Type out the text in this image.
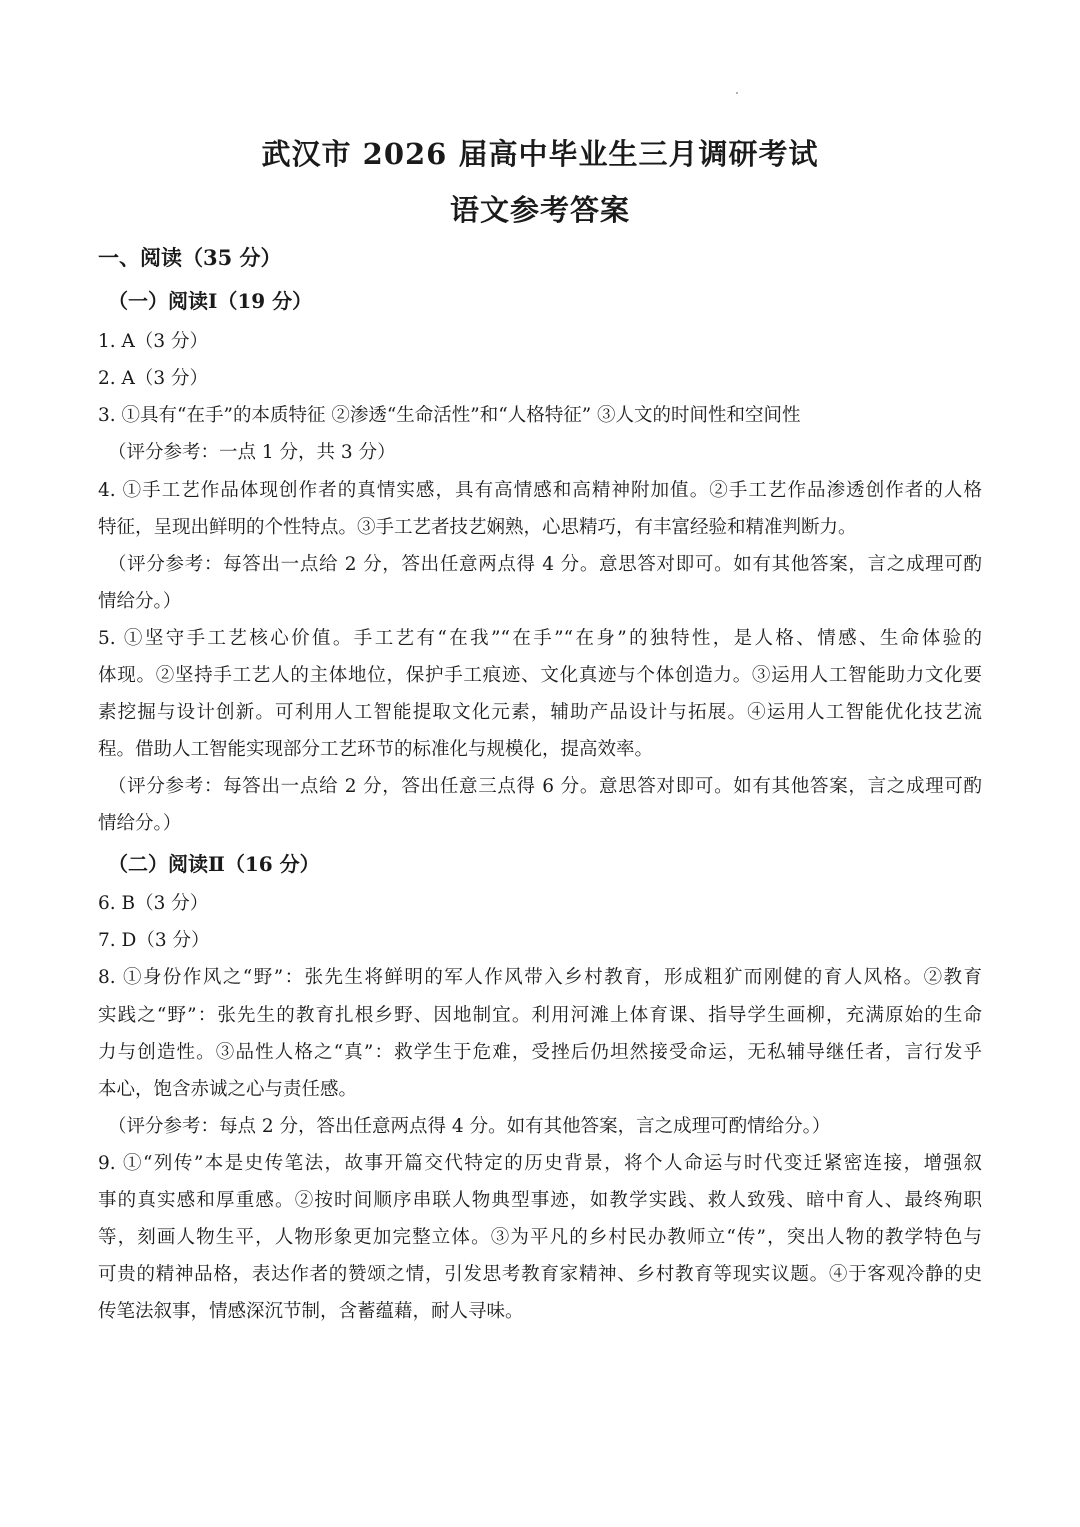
武汉市 2026 届高中毕业生三月调研考试
语文参考答案
一、阅读（35 分）
（一）阅读Ⅰ（19 分）
1. A（3 分）
2. A（3 分）
3. ①具有“在手”的本质特征 ②渗透“生命活性”和“人格特征” ③人文的时间性和空间性
（评分参考：一点 1 分，共 3 分）
4. ①手工艺作品体现创作者的真情实感，具有高情感和高精神附加值。②手工艺作品渗透创作者的人格
特征，呈现出鲜明的个性特点。③手工艺者技艺娴熟，心思精巧，有丰富经验和精准判断力。
（评分参考：每答出一点给 2 分，答出任意两点得 4 分。意思答对即可。如有其他答案，言之成理可酌
情给分。）
5. ①坚守手工艺核心价值。手工艺有“在我”“在手”“在身”的独特性，是人格、情感、生命体验的
体现。②坚持手工艺人的主体地位，保护手工痕迹、文化真迹与个体创造力。③运用人工智能助力文化要
素挖掘与设计创新。可利用人工智能提取文化元素，辅助产品设计与拓展。④运用人工智能优化技艺流
程。借助人工智能实现部分工艺环节的标准化与规模化，提高效率。
（评分参考：每答出一点给 2 分，答出任意三点得 6 分。意思答对即可。如有其他答案，言之成理可酌
情给分。）
（二）阅读Ⅱ（16 分）
6. B（3 分）
7. D（3 分）
8. ①身份作风之“野”：张先生将鲜明的军人作风带入乡村教育，形成粗犷而刚健的育人风格。②教育
实践之“野”：张先生的教育扎根乡野、因地制宜。利用河滩上体育课、指导学生画柳，充满原始的生命
力与创造性。③品性人格之“真”：救学生于危难，受挫后仍坦然接受命运，无私辅导继任者，言行发乎
本心，饱含赤诚之心与责任感。
（评分参考：每点 2 分，答出任意两点得 4 分。如有其他答案，言之成理可酌情给分。）
9. ①“列传”本是史传笔法，故事开篇交代特定的历史背景，将个人命运与时代变迁紧密连接，增强叙
事的真实感和厚重感。②按时间顺序串联人物典型事迹，如教学实践、救人致残、暗中育人、最终殉职
等，刻画人物生平，人物形象更加完整立体。③为平凡的乡村民办教师立“传”，突出人物的教学特色与
可贵的精神品格，表达作者的赞颂之情，引发思考教育家精神、乡村教育等现实议题。④于客观冷静的史
传笔法叙事，情感深沉节制，含蓄蕴藉，耐人寻味。
